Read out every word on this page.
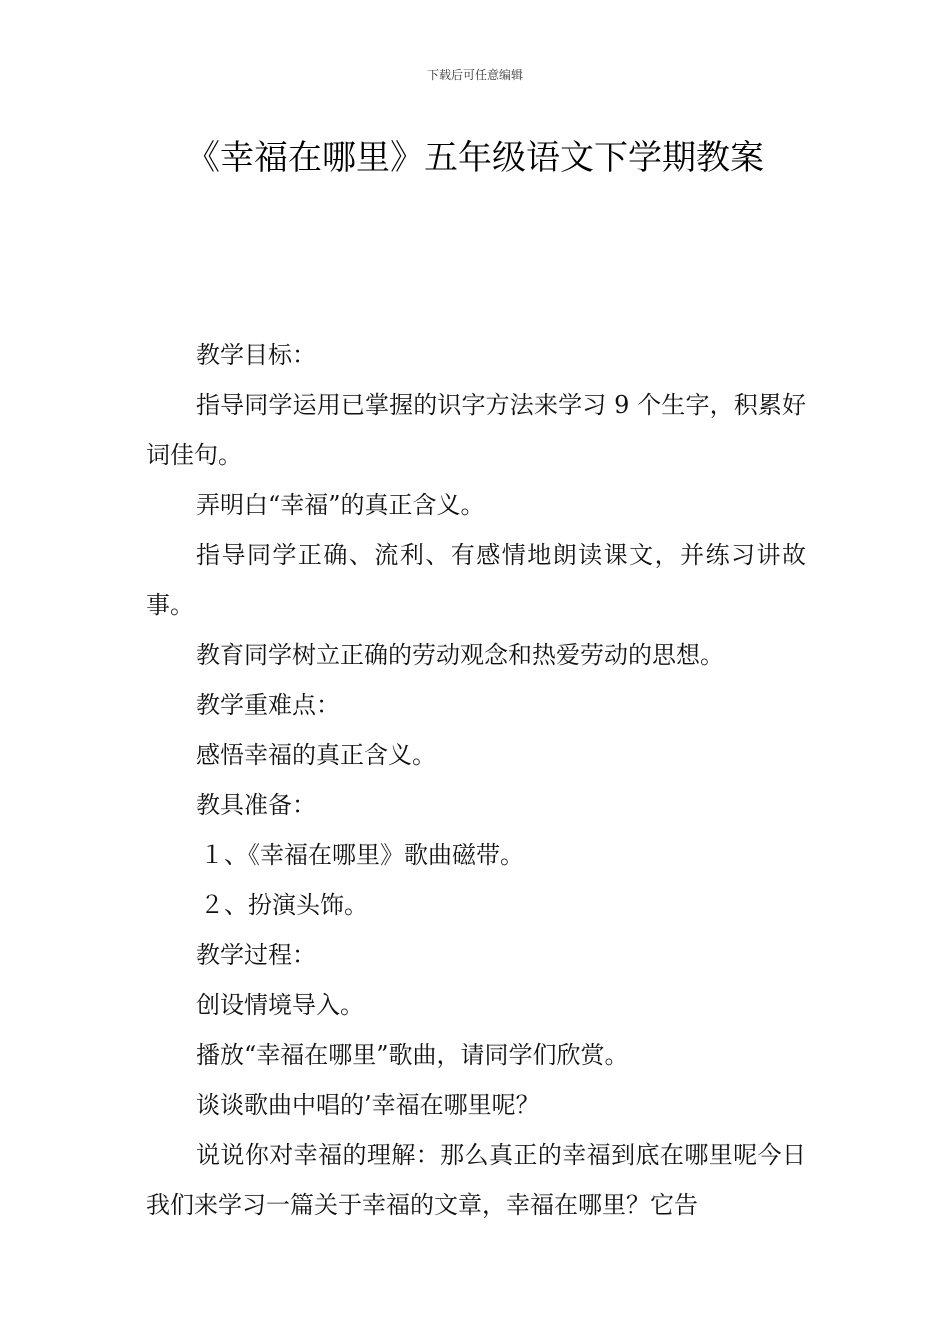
下载后可任意编辑
《幸福在哪里》五年级语文下学期教案

教学目标：

指导同学运用已掌握的识字方法来学习 9 个生字，积累好词佳句。

弄明白“幸福”的真正含义。

指导同学正确、流利、有感情地朗读课文，并练习讲故事。

教育同学树立正确的劳动观念和热爱劳动的思想。

教学重难点：

感悟幸福的真正含义。

教具准备：

１、《幸福在哪里》歌曲磁带。

２、扮演头饰。

教学过程：

创设情境导入。

播放“幸福在哪里”歌曲，请同学们欣赏。

谈谈歌曲中唱的’幸福在哪里呢？

说说你对幸福的理解：那么真正的幸福到底在哪里呢今日我们来学习一篇关于幸福的文章，幸福在哪里？它告
